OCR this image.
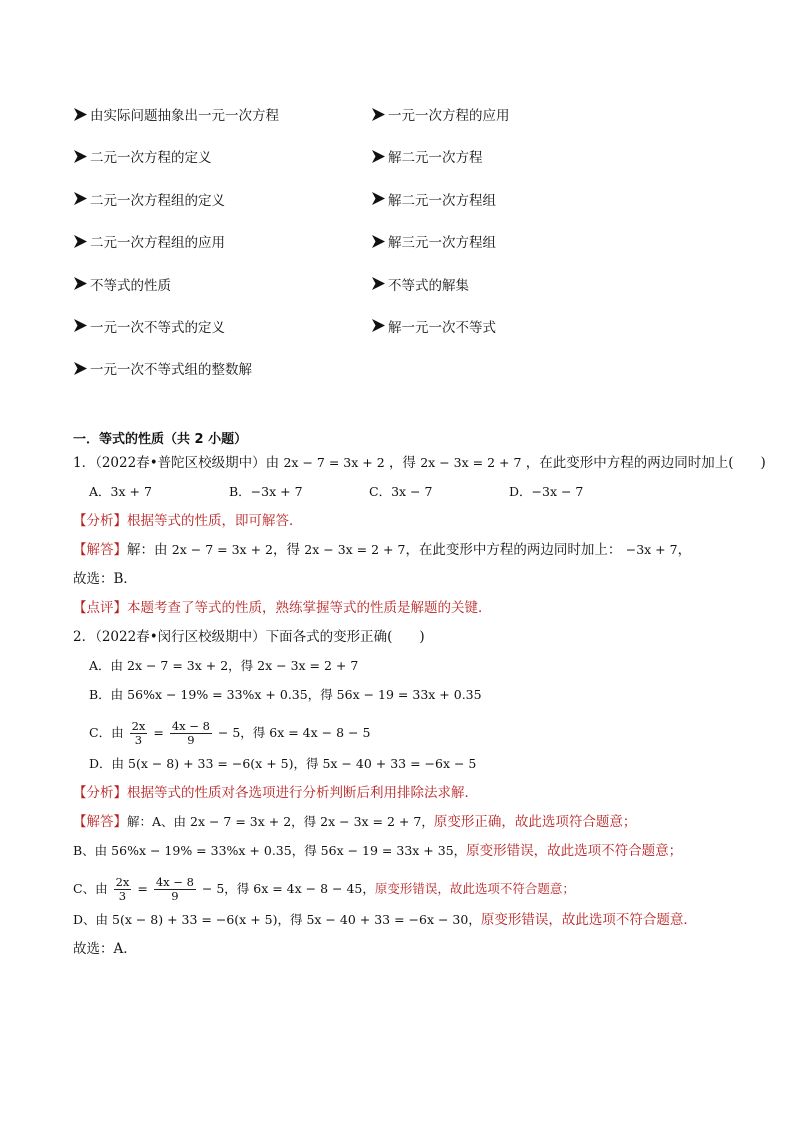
由实际问题抽象出一元一次方程	一元一次方程的应用
二元一次方程的定义	解二元一次方程
二元一次方程组的定义	解二元一次方程组
二元一次方程组的应用	解三元一次方程组
不等式的性质	不等式的解集
一元一次不等式的定义	解一元一次不等式
一元一次不等式组的整数解
一．等式的性质（共 2 小题）
1．（2022春•普陀区校级期中）由 2x − 7 = 3x + 2 ，得 2x − 3x = 2 + 7 ，在此变形中方程的两边同时加上(　　)
A．3x + 7	B．−3x + 7	C．3x − 7	D．−3x − 7
【分析】根据等式的性质，即可解答．
【解答】解：由 2x − 7 = 3x + 2，得 2x − 3x = 2 + 7，在此变形中方程的两边同时加上： −3x + 7，
故选：B．
【点评】本题考查了等式的性质，熟练掌握等式的性质是解题的关键．
2．（2022春•闵行区校级期中）下面各式的变形正确(　　)
A．由 2x − 7 = 3x + 2，得 2x − 3x = 2 + 7
B．由 56%x − 19% = 33%x + 0.35，得 56x − 19 = 33x + 0.35
C．由 $\frac{2x}{3} = \frac{4x - 8}{9} - 5$，得 6x = 4x − 8 − 5
D．由 5(x − 8) + 33 = −6(x + 5)，得 5x − 40 + 33 = −6x − 5
【分析】根据等式的性质对各选项进行分析判断后利用排除法求解．
【解答】解：A、由 2x − 7 = 3x + 2，得 2x − 3x = 2 + 7，原变形正确，故此选项符合题意；
B、由 56%x − 19% = 33%x + 0.35，得 56x − 19 = 33x + 35，原变形错误，故此选项不符合题意；
C、由 $\frac{2x}{3} = \frac{4x - 8}{9} - 5$，得 6x = 4x − 8 − 45，原变形错误，故此选项不符合题意；
D、由 5(x − 8) + 33 = −6(x + 5)，得 5x − 40 + 33 = −6x − 30，原变形错误，故此选项不符合题意．
故选：A．
